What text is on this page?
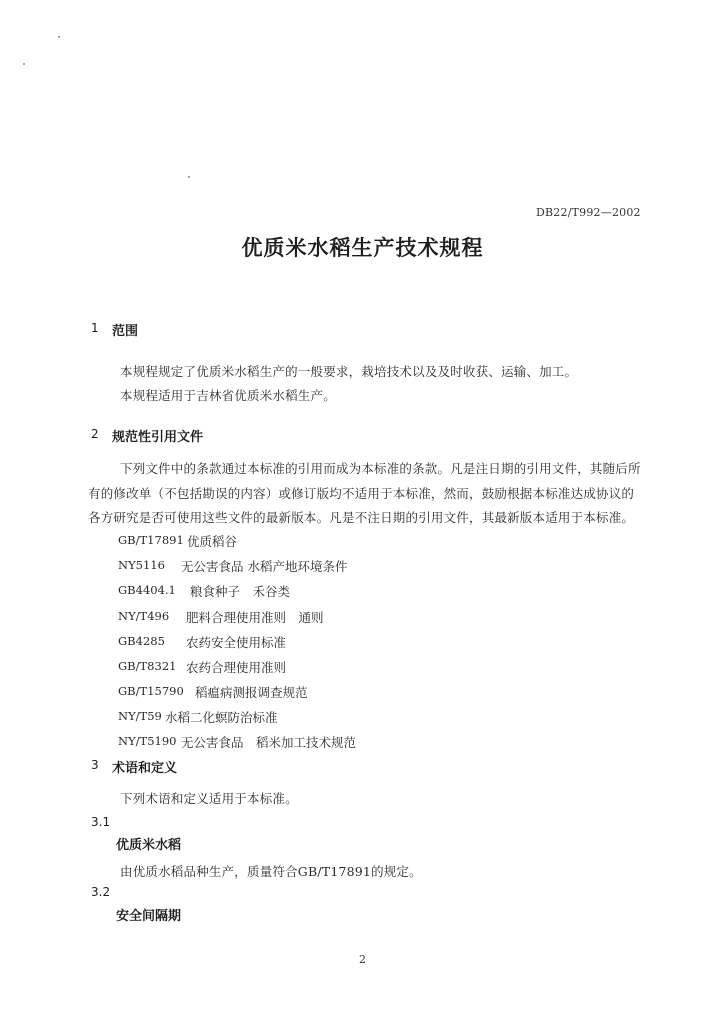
DB22/T992—2002
优质米水稻生产技术规程
1 范围
本规程规定了优质米水稻生产的一般要求，栽培技术以及及时收获、运输、加工。
本规程适用于吉林省优质米水稻生产。
2 规范性引用文件
下列文件中的条款通过本标准的引用而成为本标准的条款。凡是注日期的引用文件，其随后所
有的修改单（不包括勘误的内容）或修订版均不适用于本标准，然而，鼓励根据本标准达成协议的
各方研究是否可使用这些文件的最新版本。凡是不注日期的引用文件，其最新版本适用于本标准。
GB/T17891 优质稻谷
NY5116 无公害食品 水稻产地环境条件
GB4404.1 粮食种子　禾谷类
NY/T496 肥料合理使用准则　通则
GB4285 农药安全使用标准
GB/T8321 农药合理使用准则
GB/T15790 稻瘟病测报调查规范
NY/T59 水稻二化螟防治标准
NY/T5190 无公害食品　稻米加工技术规范
3 术语和定义
下列术语和定义适用于本标准。
3.1
优质米水稻
由优质水稻品种生产，质量符合GB/T17891的规定。
3.2
安全间隔期
2
